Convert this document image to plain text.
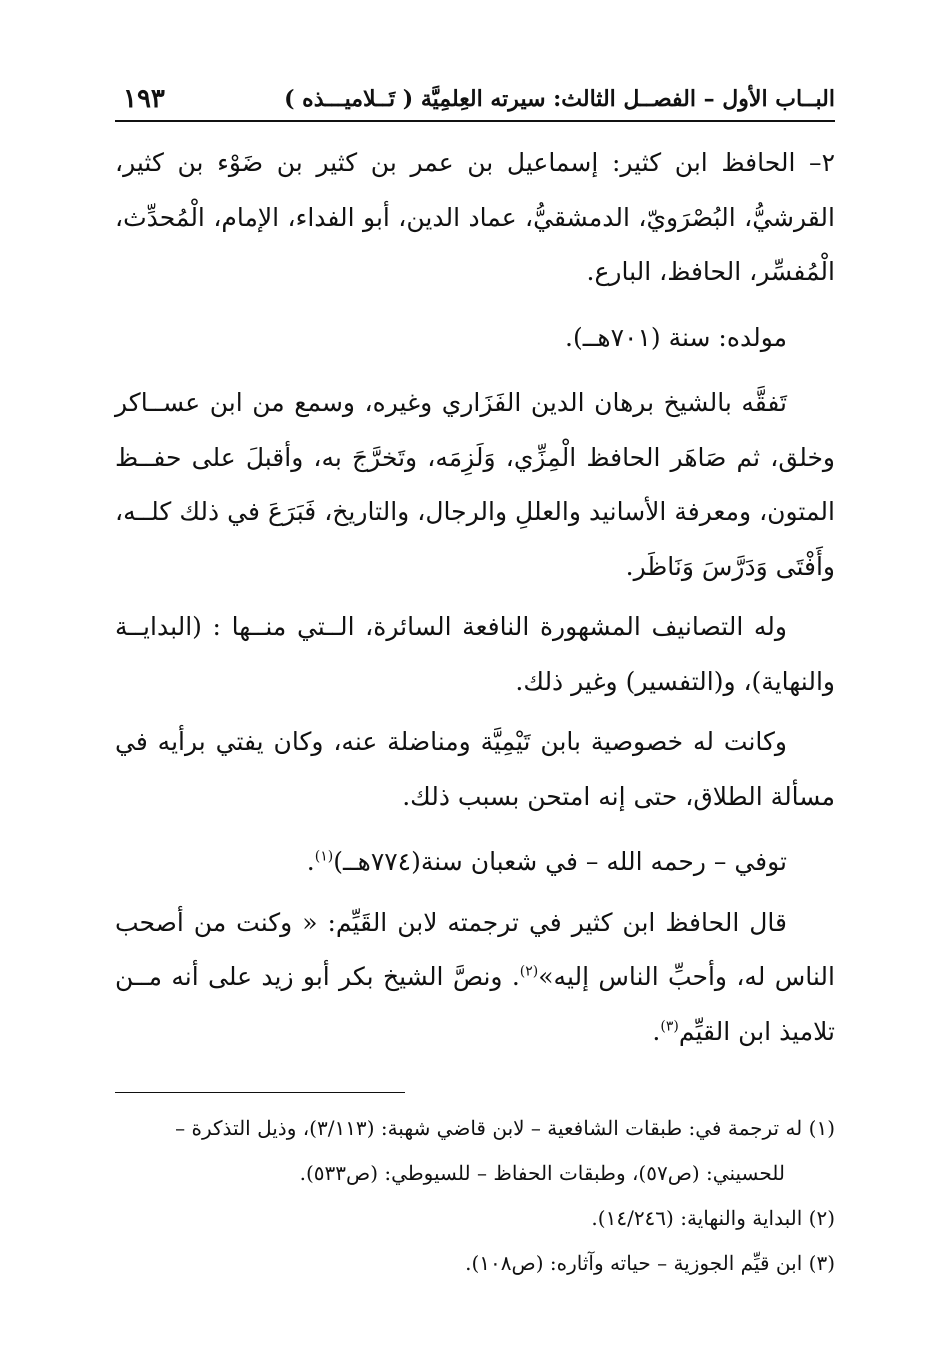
البــاب الأول – الفصــل الثالث: سيرته العِلمِيَّة ( تَــلاميـــذه )
١٩٣

٢– الحافظ ابن كثير: إسماعيل بن عمر بن كثير بن ضَوْء بن كثير، القرشيُّ، البُصْرَويّ، الدمشقيُّ، عماد الدين، أبو الفداء، الإمام، الْمُحدِّث، الْمُفسِّر، الحافظ، البارع.

مولده: سنة (٧٠١هــ).

تَفقَّه بالشيخ برهان الدين الفَزَاري وغيره، وسمع من ابن عســاكر وخلق، ثم صَاهَر الحافظ الْمِزِّي، وَلَزِمَه، وتَخرَّجَ به، وأقبلَ على حفــظ المتون، ومعرفة الأسانيد والعللِ والرجال، والتاريخ، فَبَرَعَ في ذلك كلــه، وأَفْتَى وَدَرَّسَ وَنَاظَر.

وله التصانيف المشهورة النافعة السائرة، الــتي منــها : (البدايــة والنهاية)، و(التفسير) وغير ذلك.

وكانت له خصوصية بابن تَيْمِيَّة ومناضلة عنه، وكان يفتي برأيه في مسألة الطلاق، حتى إنه امتحن بسبب ذلك.

توفي – رحمه الله – في شعبان سنة(٧٧٤هــ)$^{(١)}$.

قال الحافظ ابن كثير في ترجمته لابن القَيِّم: « وكنت من أصحب الناس له، وأحبِّ الناس إليه»$^{(٢)}$. ونصَّ الشيخ بكر أبو زيد على أنه مــن تلاميذ ابن القيِّم$^{(٣)}$.

(١) له ترجمة في: طبقات الشافعية – لابن قاضي شهبة: (٣/١١٣)، وذيل التذكرة –

للحسيني: (ص٥٧)، وطبقات الحفاظ – للسيوطي: (ص٥٣٣).

(٢) البداية والنهاية: (١٤/٢٤٦).

(٣) ابن قيِّم الجوزية – حياته وآثاره: (ص١٠٨).
